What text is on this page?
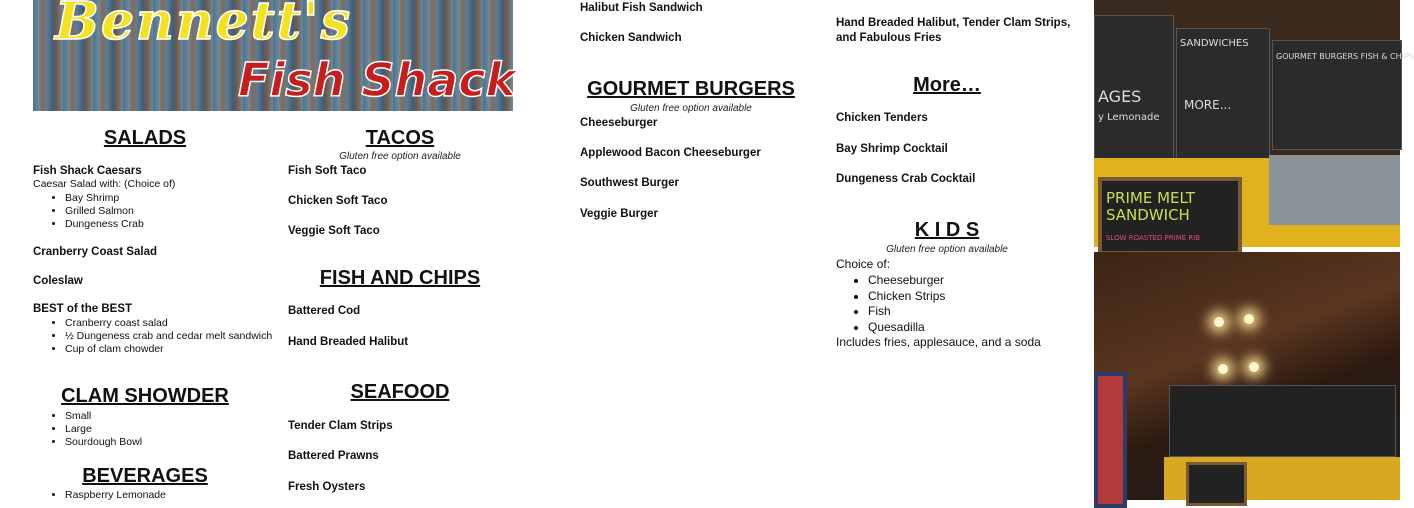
Bennett's
Fish Shack
SALADS
Fish Shack Caesars
Caesar Salad with: (Choice of)
• Bay Shrimp
• Grilled Salmon
• Dungeness Crab
Cranberry Coast Salad
Coleslaw
BEST of the BEST
• Cranberry coast salad
• ½ Dungeness crab and cedar melt sandwich
• Cup of clam chowder
CLAM SHOWDER
• Small
• Large
• Sourdough Bowl
BEVERAGES
• Raspberry Lemonade
TACOS
Gluten free option available
Fish Soft Taco
Chicken Soft Taco
Veggie Soft Taco
FISH AND CHIPS
Battered Cod
Hand Breaded Halibut
SEAFOOD
Tender Clam Strips
Battered Prawns
Fresh Oysters
Halibut Fish Sandwich
Chicken Sandwich
GOURMET BURGERS
Gluten free option available
Cheeseburger
Applewood Bacon Cheeseburger
Southwest Burger
Veggie Burger
Hand Breaded Halibut, Tender Clam Strips,
and Fabulous Fries
More…
Chicken Tenders
Bay Shrimp Cocktail
Dungeness Crab Cocktail
K I D S
Gluten free option available
Choice of:
• Cheeseburger
• Chicken Strips
• Fish
• Quesadilla
Includes fries, applesauce, and a soda
AGES
y Lemonade
SANDWICHES
MORE...
GOURMET BURGERS FISH & CHIPS
PRIME MELT SANDWICH
SLOW ROASTED PRIME RIB
